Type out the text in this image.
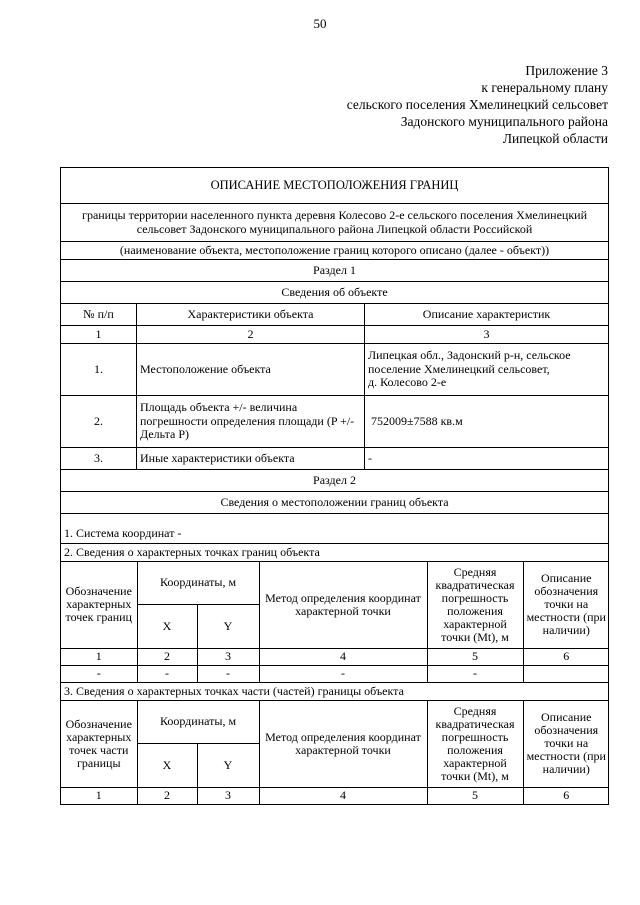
50
Приложение 3
к генеральному плану
сельского поселения Хмелинецкий сельсовет
Задонского муниципального района
Липецкой области
ОПИСАНИЕ МЕСТОПОЛОЖЕНИЯ ГРАНИЦ
границы территории населенного пункта деревня Колесово 2-е сельского поселения Хмелинецкий сельсовет Задонского муниципального района Липецкой области Российской
(наименование объекта, местоположение границ которого описано (далее - объект))
Раздел 1
Сведения об объекте
№ п/п	Характеристики объекта	Описание характеристик
1	2	3
1.	Местоположение объекта	Липецкая обл., Задонский р-н, сельское поселение Хмелинецкий сельсовет,
д. Колесово 2-е
2.	Площадь объекта +/- величина погрешности определения площади (P +/- Дельта P)	752009±7588 кв.м
3.	Иные характеристики объекта	-
Раздел 2
Сведения о местоположении границ объекта
1. Система координат -
2. Сведения о характерных точках границ объекта

Обозначение характерных точек границ	Координаты, м	Метод определения координат характерной точки	Средняя квадратическая погрешность положения характерной точки (Mt), м	Описание обозначения точки на местности (при наличии)
X	Y
1	2	3	4	5	6
-	-	-	-	-	

3. Сведения о характерных точках части (частей) границы объекта

Обозначение характерных точек части границы	Координаты, м	Метод определения координат характерной точки	Средняя квадратическая погрешность положения характерной точки (Mt), м	Описание обозначения точки на местности (при наличии)
X	Y
1	2	3	4	5	6
